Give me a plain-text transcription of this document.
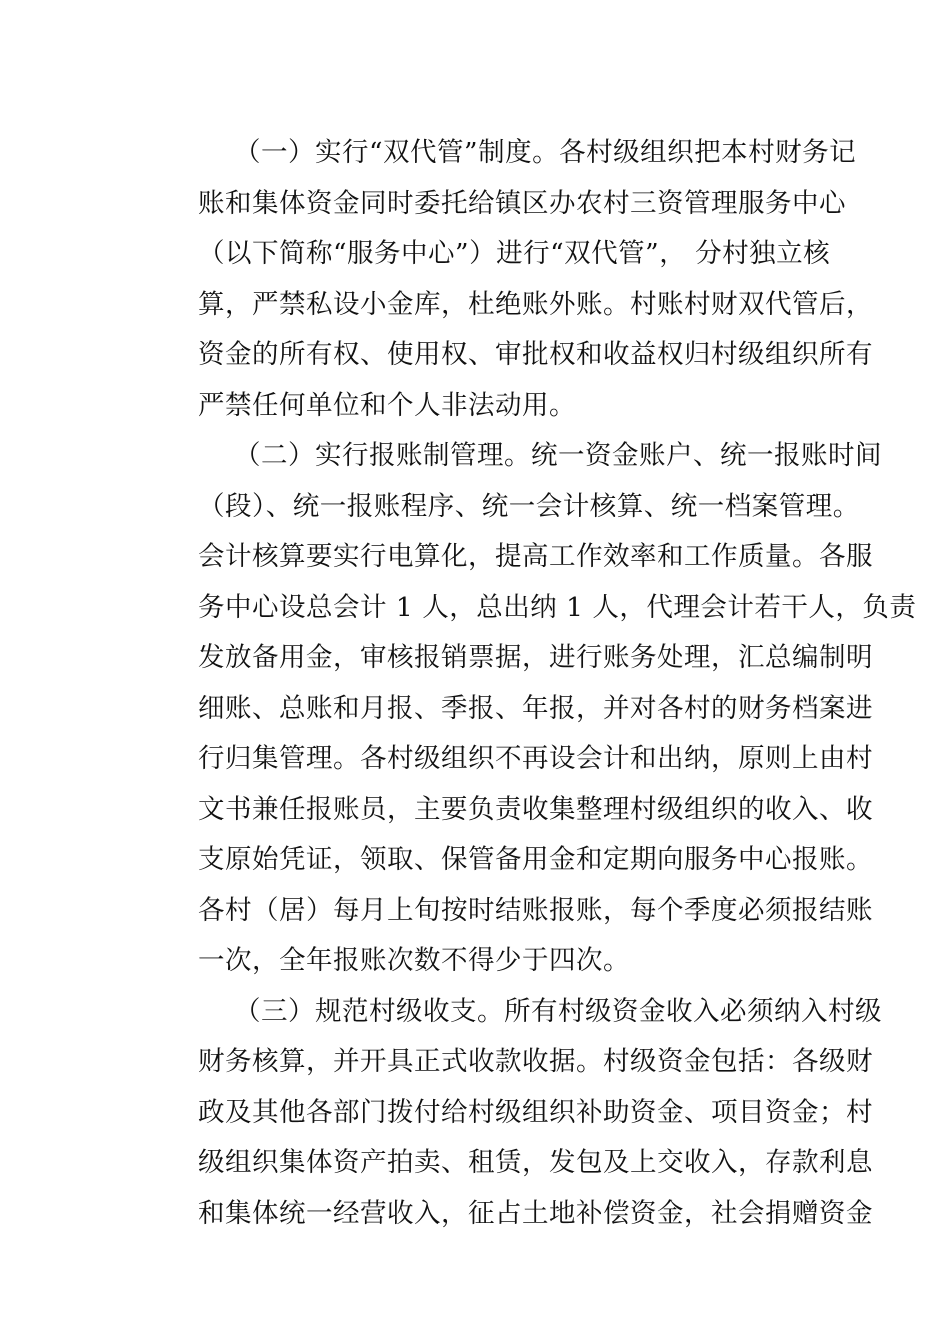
（一）实行“双代管”制度。各村级组织把本村财务记
账和集体资金同时委托给镇区办农村三资管理服务中心
（以下简称“服务中心”）进行“双代管”， 分村独立核
算，严禁私设小金库，杜绝账外账。村账村财双代管后，
资金的所有权、使用权、审批权和收益权归村级组织所有
严禁任何单位和个人非法动用。
（二）实行报账制管理。统一资金账户、统一报账时间
（段）、统一报账程序、统一会计核算、统一档案管理。
会计核算要实行电算化，提高工作效率和工作质量。各服
务中心设总会计 1 人，总出纳 1 人，代理会计若干人，负责
发放备用金，审核报销票据，进行账务处理，汇总编制明
细账、总账和月报、季报、年报，并对各村的财务档案进
行归集管理。各村级组织不再设会计和出纳，原则上由村
文书兼任报账员，主要负责收集整理村级组织的收入、收
支原始凭证，领取、保管备用金和定期向服务中心报账。
各村（居）每月上旬按时结账报账，每个季度必须报结账
一次，全年报账次数不得少于四次。
（三）规范村级收支。所有村级资金收入必须纳入村级
财务核算，并开具正式收款收据。村级资金包括：各级财
政及其他各部门拨付给村级组织补助资金、项目资金；村
级组织集体资产拍卖、租赁，发包及上交收入，存款利息
和集体统一经营收入，征占土地补偿资金，社会捐赠资金
